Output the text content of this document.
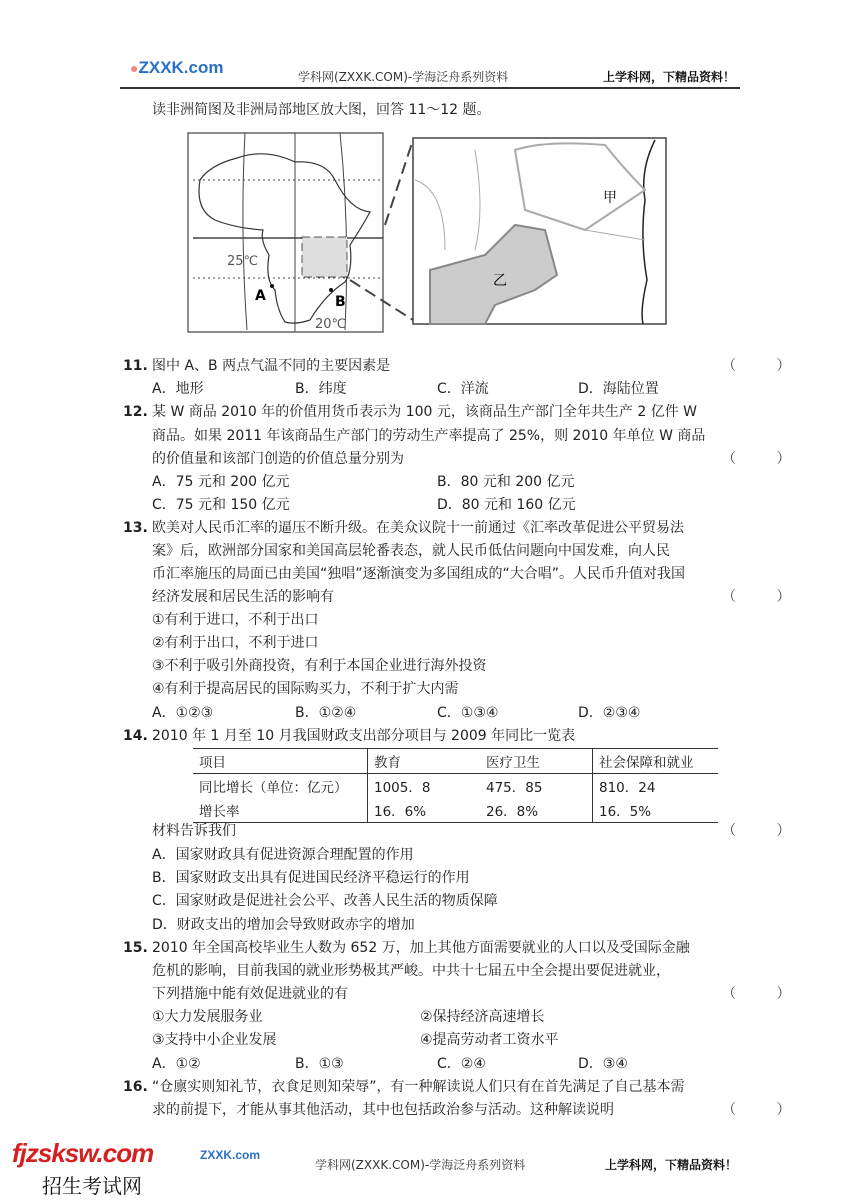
●ZXXK.com	学科网(ZXXK.COM)-学海泛舟系列资料	上学科网，下精品资料！
读非洲简图及非洲局部地区放大图，回答 11～12 题。
25℃
20℃
A	B
甲
乙
11. 图中 A、B 两点气温不同的主要因素是	（ ）
A．地形	B．纬度	C．洋流	D．海陆位置
12. 某 W 商品 2010 年的价值用货币表示为 100 元，该商品生产部门全年共生产 2 亿件 W
商品。如果 2011 年该商品生产部门的劳动生产率提高了 25%，则 2010 年单位 W 商品
的价值量和该部门创造的价值总量分别为	（ ）
A．75 元和 200 亿元	B．80 元和 200 亿元
C．75 元和 150 亿元	D．80 元和 160 亿元
13. 欧美对人民币汇率的逼压不断升级。在美众议院十一前通过《汇率改革促进公平贸易法
案》后，欧洲部分国家和美国高层轮番表态，就人民币低估问题向中国发难，向人民
币汇率施压的局面已由美国“独唱”逐渐演变为多国组成的“大合唱”。人民币升值对我国
经济发展和居民生活的影响有	（ ）
①有利于进口，不利于出口
②有利于出口，不利于进口
③不利于吸引外商投资，有利于本国企业进行海外投资
④有利于提高居民的国际购买力，不利于扩大内需
A．①②③	B．①②④	C．①③④	D．②③④
14. 2010 年 1 月至 10 月我国财政支出部分项目与 2009 年同比一览表
项目	教育	医疗卫生	社会保障和就业
同比增长（单位：亿元）	1005．8	475．85	810．24
增长率	16．6%	26．8%	16．5%
材料告诉我们	（ ）
A．国家财政具有促进资源合理配置的作用
B．国家财政支出具有促进国民经济平稳运行的作用
C．国家财政是促进社会公平、改善人民生活的物质保障
D．财政支出的增加会导致财政赤字的增加
15. 2010 年全国高校毕业生人数为 652 万，加上其他方面需要就业的人口以及受国际金融
危机的影响，目前我国的就业形势极其严峻。中共十七届五中全会提出要促进就业，
下列措施中能有效促进就业的有	（ ）
①大力发展服务业	②保持经济高速增长
③支持中小企业发展	④提高劳动者工资水平
A．①②	B．①③	C．②④	D．③④
16. “仓廪实则知礼节，衣食足则知荣辱”，有一种解读说人们只有在首先满足了自己基本需
求的前提下，才能从事其他活动，其中也包括政治参与活动。这种解读说明	（ ）
fjzsksw.com	ZXXK.com
招生考试网
学科网(ZXXK.COM)-学海泛舟系列资料	上学科网，下精品资料！
